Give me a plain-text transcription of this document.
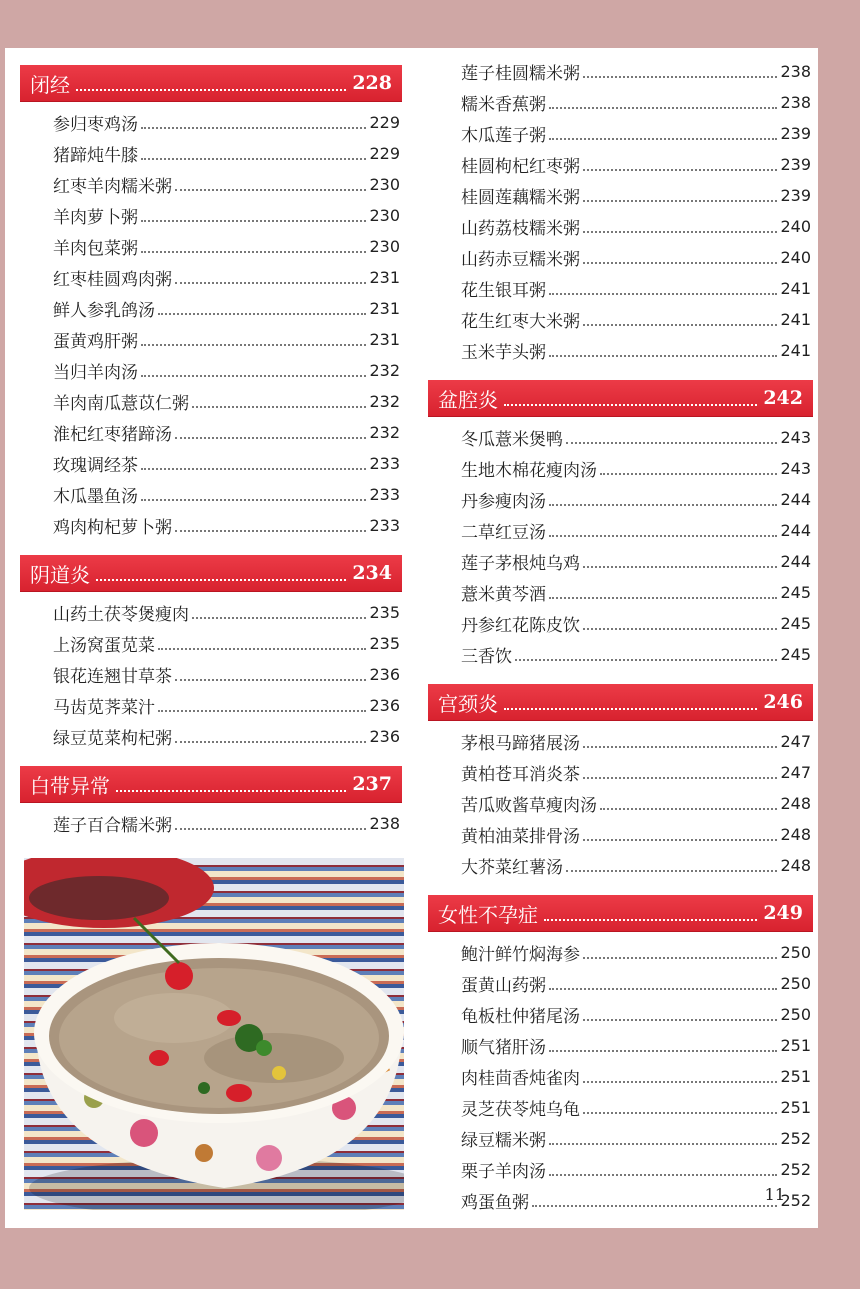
闭经	228
参归枣鸡汤	229
猪蹄炖牛膝	229
红枣羊肉糯米粥	230
羊肉萝卜粥	230
羊肉包菜粥	230
红枣桂圆鸡肉粥	231
鲜人参乳鸽汤	231
蛋黄鸡肝粥	231
当归羊肉汤	232
羊肉南瓜薏苡仁粥	232
淮杞红枣猪蹄汤	232
玫瑰调经茶	233
木瓜墨鱼汤	233
鸡肉枸杞萝卜粥	233
阴道炎	234
山药土茯苓煲瘦肉	235
上汤窝蛋苋菜	235
银花连翘甘草茶	236
马齿苋荠菜汁	236
绿豆苋菜枸杞粥	236
白带异常	237
莲子百合糯米粥	238
莲子桂圆糯米粥	238
糯米香蕉粥	238
木瓜莲子粥	239
桂圆枸杞红枣粥	239
桂圆莲藕糯米粥	239
山药荔枝糯米粥	240
山药赤豆糯米粥	240
花生银耳粥	241
花生红枣大米粥	241
玉米芋头粥	241
盆腔炎	242
冬瓜薏米煲鸭	243
生地木棉花瘦肉汤	243
丹参瘦肉汤	244
二草红豆汤	244
莲子茅根炖乌鸡	244
薏米黄芩酒	245
丹参红花陈皮饮	245
三香饮	245
宫颈炎	246
茅根马蹄猪展汤	247
黄柏苍耳消炎茶	247
苦瓜败酱草瘦肉汤	248
黄柏油菜排骨汤	248
大芥菜红薯汤	248
女性不孕症	249
鲍汁鲜竹焖海参	250
蛋黄山药粥	250
龟板杜仲猪尾汤	250
顺气猪肝汤	251
肉桂茴香炖雀肉	251
灵芝茯苓炖乌龟	251
绿豆糯米粥	252
栗子羊肉汤	252
鸡蛋鱼粥	252
11
